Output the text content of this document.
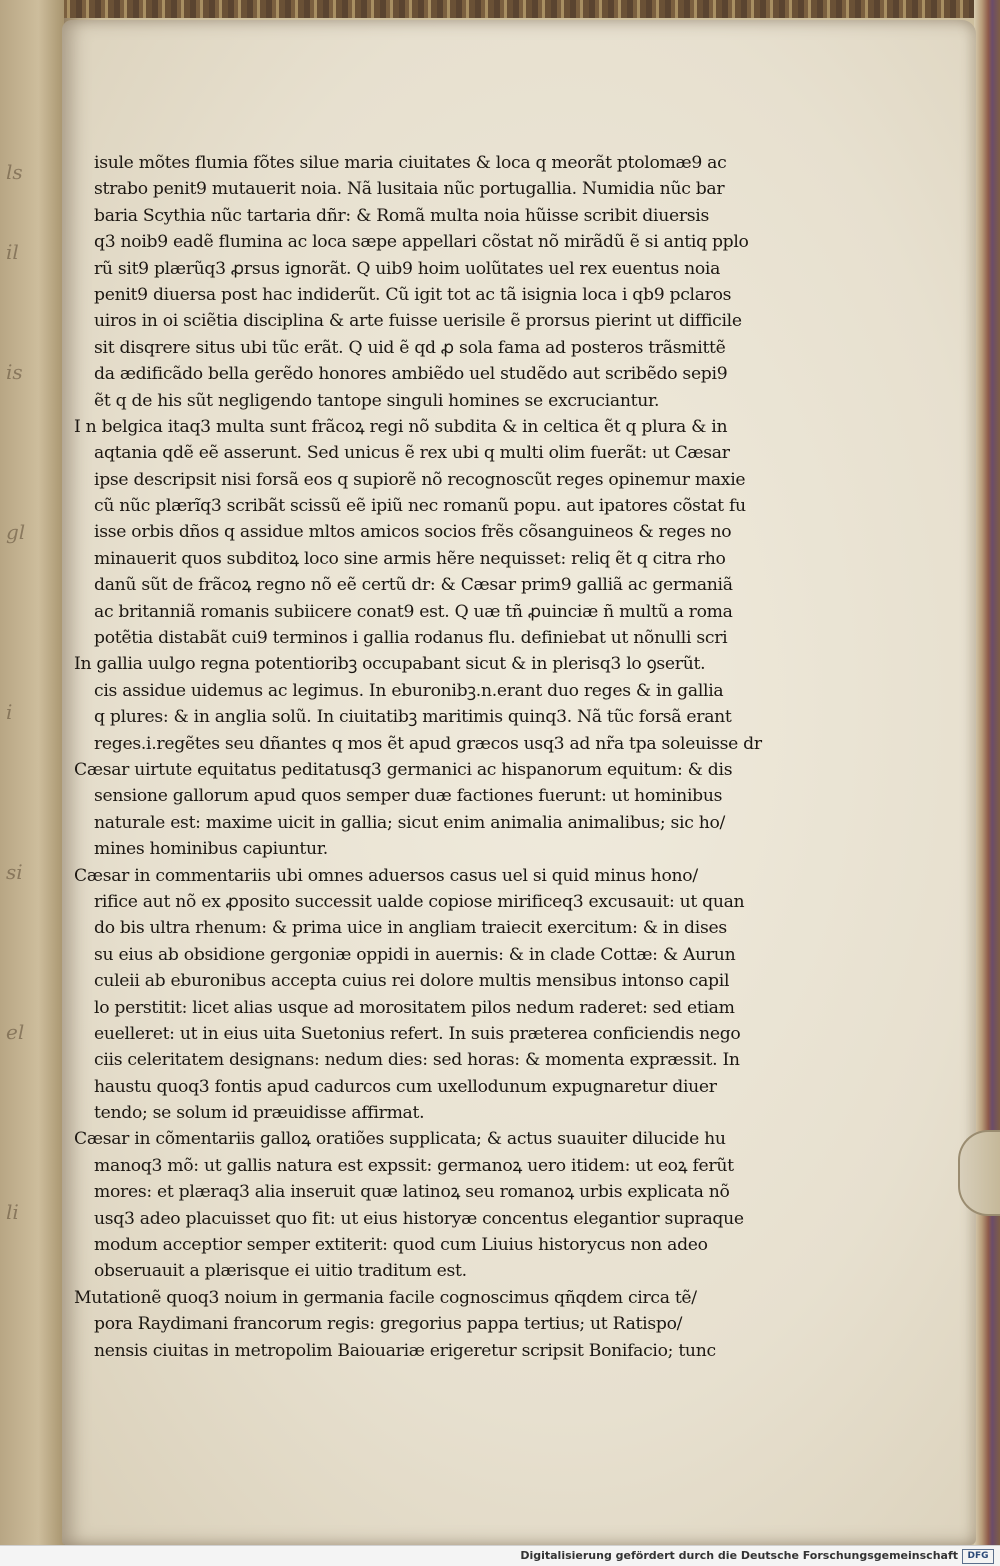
ls
il
is
gl
i
si
el
li
isule mõtes flumia fõtes silue maria ciuitates & loca q meorãt ptolomæ9 ac
strabo penit9 mutauerit noia. Nã lusitaia nũc portugallia. Numidia nũc bar
baria Scythia nũc tartaria dñr: & Romã multa noia hũisse scribit diuersis
q3 noib9 eadẽ flumina ac loca sæpe appellari cõstat nõ mirãdũ ẽ si antiq pplo
rũ sit9 plærũq3 ꝓrsus ignorãt. Q uib9 hoim uolũtates uel rex euentus noia
penit9 diuersa post hac indiderũt. Cũ igit tot ac tã isignia loca i qb9 pclaros
uiros in oi sciẽtia disciplina & arte fuisse uerisile ẽ prorsus pierint ut difficile
sit disqrere situs ubi tũc erãt. Q uid ẽ qd ꝓ sola fama ad posteros trãsmittẽ
da ædificãdo bella gerẽdo honores ambiẽdo uel studẽdo aut scribẽdo sepi9
ẽt q de his sũt negligendo tantope singuli homines se excruciantur.
I n belgica itaq3 multa sunt frãcoꝝ regi nõ subdita & in celtica ẽt q plura & in
aqtania qdẽ eẽ asserunt. Sed unicus ẽ rex ubi q multi olim fuerãt: ut Cæsar
ipse descripsit nisi forsã eos q supiorẽ nõ recognoscũt reges opinemur maxie
cũ nũc plærĩq3 scribãt scissũ eẽ ipiũ nec romanũ popu. aut ipatores cõstat fu
isse orbis dños q assidue mltos amicos socios frẽs cõsanguineos & reges no
minauerit quos subditoꝝ loco sine armis hẽre nequisset: reliq ẽt q citra rho
danũ sũt de frãcoꝝ regno nõ eẽ certũ dr: & Cæsar prim9 galliã ac germaniã
ac britanniã romanis subiicere conat9 est. Q uæ tñ ꝓuinciæ ñ multũ a roma
potẽtia distabãt cui9 terminos i gallia rodanus flu. definiebat ut nõnulli scri
In gallia uulgo regna potentioribꝫ occupabant sicut & in plerisq3 lo ꝯserũt.
cis assidue uidemus ac legimus. In eburonibꝫ.n.erant duo reges & in gallia
q plures: & in anglia solũ. In ciuitatibꝫ maritimis quinq3. Nã tũc forsã erant
reges.i.regẽtes seu dñantes q mos ẽt apud græcos usq3 ad nr̃a tpa soleuisse dr
Cæsar uirtute equitatus peditatusq3 germanici ac hispanorum equitum: & dis
sensione gallorum apud quos semper duæ factiones fuerunt: ut hominibus
naturale est: maxime uicit in gallia; sicut enim animalia animalibus; sic ho/
mines hominibus capiuntur.
Cæsar in commentariis ubi omnes aduersos casus uel si quid minus hono/
rifice aut nõ ex ꝓposito successit ualde copiose mirificeq3 excusauit: ut quan
do bis ultra rhenum: & prima uice in angliam traiecit exercitum: & in dises
su eius ab obsidione gergoniæ oppidi in auernis: & in clade Cottæ: & Aurun
culeii ab eburonibus accepta cuius rei dolore multis mensibus intonso capil
lo perstitit: licet alias usque ad morositatem pilos nedum raderet: sed etiam
euelleret: ut in eius uita Suetonius refert. In suis præterea conficiendis nego
ciis celeritatem designans: nedum dies: sed horas: & momenta expræssit. In
haustu quoq3 fontis apud cadurcos cum uxellodunum expugnaretur diuer
tendo; se solum id præuidisse affirmat.
Cæsar in cõmentariis galloꝝ oratiões supplicata; & actus suauiter dilucide hu
manoq3 mõ: ut gallis natura est expssit: germanoꝝ uero itidem: ut eoꝝ ferũt
mores: et plæraq3 alia inseruit quæ latinoꝝ seu romanoꝝ urbis explicata nõ
usq3 adeo placuisset quo fit: ut eius historyæ concentus elegantior supraque
modum acceptior semper extiterit: quod cum Liuius historycus non adeo
obseruauit a plærisque ei uitio traditum est.
Mutationẽ quoq3 noium in germania facile cognoscimus qñqdem circa tẽ/
pora Raydimani francorum regis: gregorius pappa tertius; ut Ratispo/
nensis ciuitas in metropolim Baiouariæ erigeretur scripsit Bonifacio; tunc
Digitalisierung gefördert durch die Deutsche Forschungsgemeinschaft	DFG
